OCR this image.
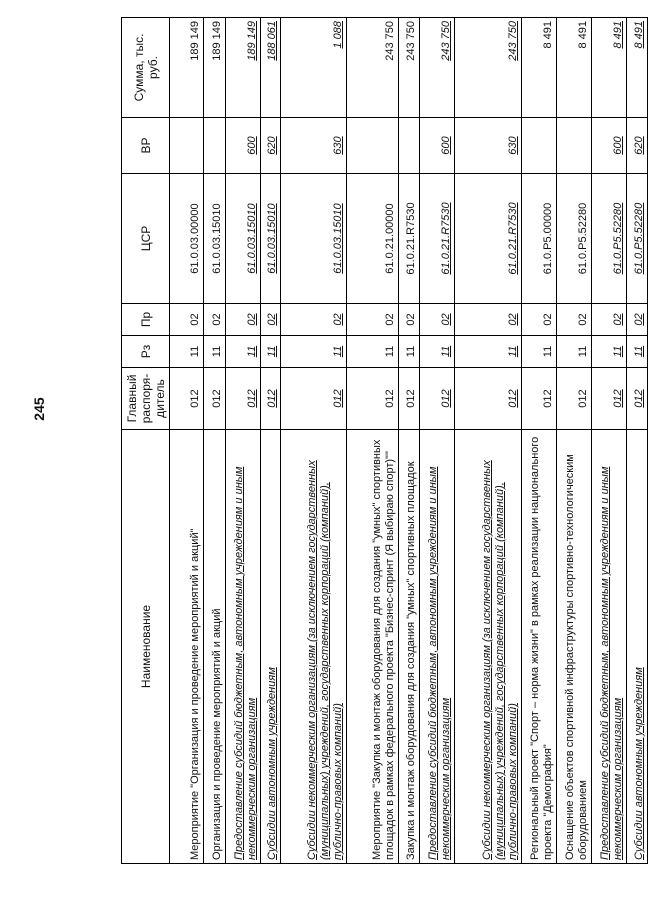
245
Наименование	Главный распоря-дитель	Рз	Пр	ЦСР	ВР	Сумма, тыс. руб.
Мероприятие "Организация и проведение мероприятий и акций"	012	11	02	61.0.03.00000		189 149
Организация и проведение мероприятий и акций	012	11	02	61.0.03.15010		189 149
Предоставление субсидий бюджетным, автономным учреждениям и иным некоммерческим организациям	012	11	02	61.0.03.15010	600	189 149
Субсидии автономным учреждениям	012	11	02	61.0.03.15010	620	188 061
Субсидии некоммерческим организациям (за исключением государственных (муниципальных) учреждений, государственных корпораций (компаний), публично-правовых компаний)	012	11	02	61.0.03.15010	630	1 088
Мероприятие "Закупка и монтаж оборудования для создания "умных" спортивных площадок в рамках федерального проекта "Бизнес-спринт (Я выбираю спорт)""	012	11	02	61.0.21.00000		243 750
Закупка и монтаж оборудования для создания "умных" спортивных площадок	012	11	02	61.0.21.R7530		243 750
Предоставление субсидий бюджетным, автономным учреждениям и иным некоммерческим организациям	012	11	02	61.0.21.R7530	600	243 750
Субсидии некоммерческим организациям (за исключением государственных (муниципальных) учреждений, государственных корпораций (компаний), публично-правовых компаний)	012	11	02	61.0.21.R7530	630	243 750
Региональный проект "Спорт – норма жизни" в рамках реализации национального проекта "Демография"	012	11	02	61.0.P5.00000		8 491
Оснащение объектов спортивной инфраструктуры спортивно-технологическим оборудованием	012	11	02	61.0.P5.52280		8 491
Предоставление субсидий бюджетным, автономным учреждениям и иным некоммерческим организациям	012	11	02	61.0.P5.52280	600	8 491
Субсидии автономным учреждениям	012	11	02	61.0.P5.52280	620	8 491
